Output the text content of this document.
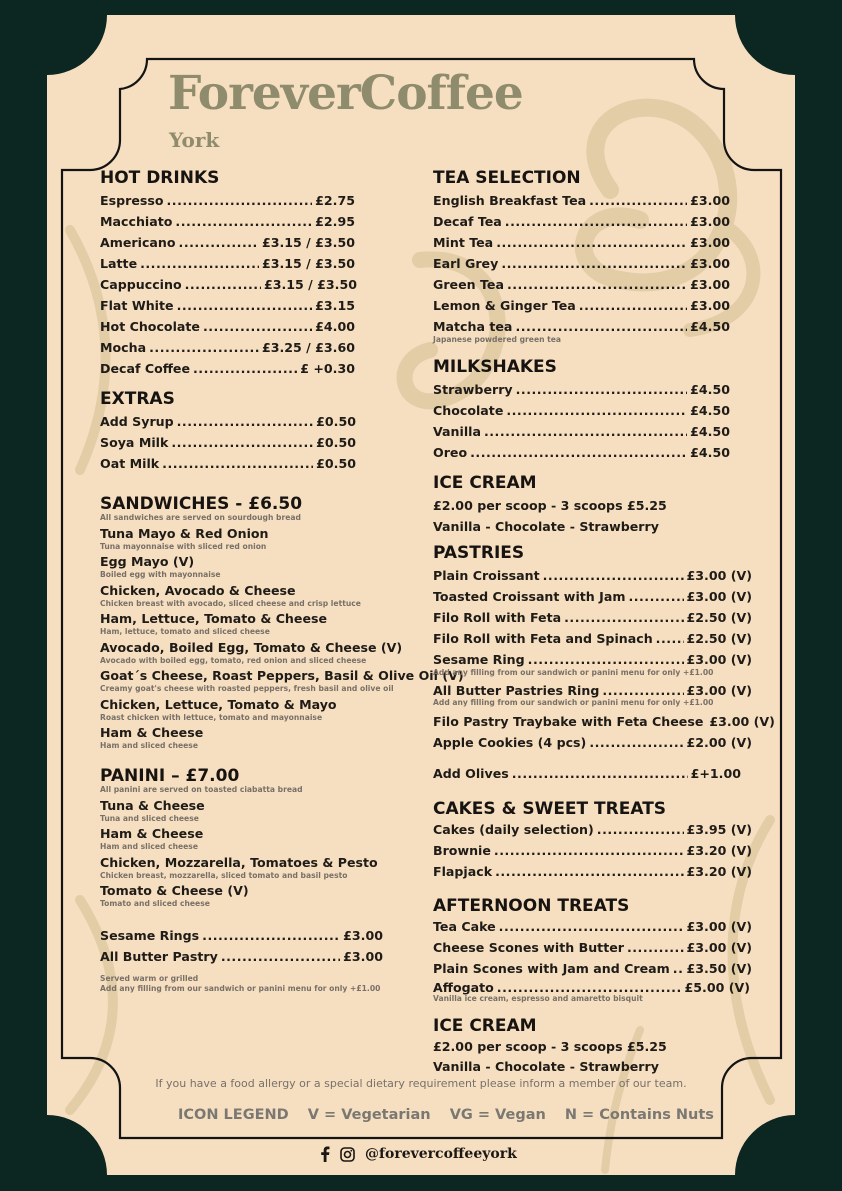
ForeverCoffee
York
HOT DRINKS
Espresso .....	£2.75
Macchiato .....	£2.95
Americano .....	£3.15 / £3.50
Latte .....	£3.15 / £3.50
Cappuccino .....	£3.15 / £3.50
Flat White .....	£3.15
Hot Chocolate .....	£4.00
Mocha .....	£3.25 / £3.60
Decaf Coffee .....	£ +0.30
EXTRAS
Add Syrup .....	£0.50
Soya Milk .....	£0.50
Oat Milk .....	£0.50
SANDWICHES - £6.50
All sandwiches are served on sourdough bread
Tuna Mayo & Red Onion
Tuna mayonnaise with sliced red onion
Egg Mayo (V)
Boiled egg with mayonnaise
Chicken, Avocado & Cheese
Chicken breast with avocado, sliced cheese and crisp lettuce
Ham, Lettuce, Tomato & Cheese
Ham, lettuce, tomato and sliced cheese
Avocado, Boiled Egg, Tomato & Cheese (V)
Avocado with boiled egg, tomato, red onion and sliced cheese
Goat´s Cheese, Roast Peppers, Basil & Olive Oil (V)
Creamy goat's cheese with roasted peppers, fresh basil and olive oil
Chicken, Lettuce, Tomato & Mayo
Roast chicken with lettuce, tomato and mayonnaise
Ham & Cheese
Ham and sliced cheese
PANINI – £7.00
All panini are served on toasted ciabatta bread
Tuna & Cheese
Tuna and sliced cheese
Ham & Cheese
Ham and sliced cheese
Chicken, Mozzarella, Tomatoes & Pesto
Chicken breast, mozzarella, sliced tomato and basil pesto
Tomato & Cheese (V)
Tomato and sliced cheese
Sesame Rings .....	£3.00
All Butter Pastry .....	£3.00
Served warm or grilled
Add any filling from our sandwich or panini menu for only +£1.00
TEA SELECTION
English Breakfast Tea .....	£3.00
Decaf Tea .....	£3.00
Mint Tea .....	£3.00
Earl Grey .....	£3.00
Green Tea .....	£3.00
Lemon & Ginger Tea .....	£3.00
Matcha tea .....	£4.50
Japanese powdered green tea
MILKSHAKES
Strawberry .....	£4.50
Chocolate .....	£4.50
Vanilla .....	£4.50
Oreo .....	£4.50
ICE CREAM
£2.00 per scoop - 3 scoops £5.25
Vanilla - Chocolate - Strawberry
PASTRIES
Plain Croissant .....	£3.00 (V)
Toasted Croissant with Jam .....	£3.00 (V)
Filo Roll with Feta .....	£2.50 (V)
Filo Roll with Feta and Spinach .....	£2.50 (V)
Sesame Ring .....	£3.00 (V)
Add any filling from our sandwich or panini menu for only +£1.00
All Butter Pastries Ring .....	£3.00 (V)
Add any filling from our sandwich or panini menu for only +£1.00
Filo Pastry Traybake with Feta Cheese £3.00 (V)
Apple Cookies (4 pcs) .....	£2.00 (V)
Add Olives .....	£+1.00
CAKES & SWEET TREATS
Cakes (daily selection) .....	£3.95 (V)
Brownie .....	£3.20 (V)
Flapjack .....	£3.20 (V)
AFTERNOON TREATS
Tea Cake .....	£3.00 (V)
Cheese Scones with Butter .....	£3.00 (V)
Plain Scones with Jam and Cream ..... £3.50 (V)
Affogato .....	£5.00 (V)
Vanilla ice cream, espresso and amaretto bisquit
ICE CREAM
£2.00 per scoop - 3 scoops £5.25
Vanilla - Chocolate - Strawberry
If you have a food allergy or a special dietary requirement please inform a member of our team.
ICON LEGEND V = Vegetarian VG = Vegan N = Contains Nuts
@forevercoffeeyork
